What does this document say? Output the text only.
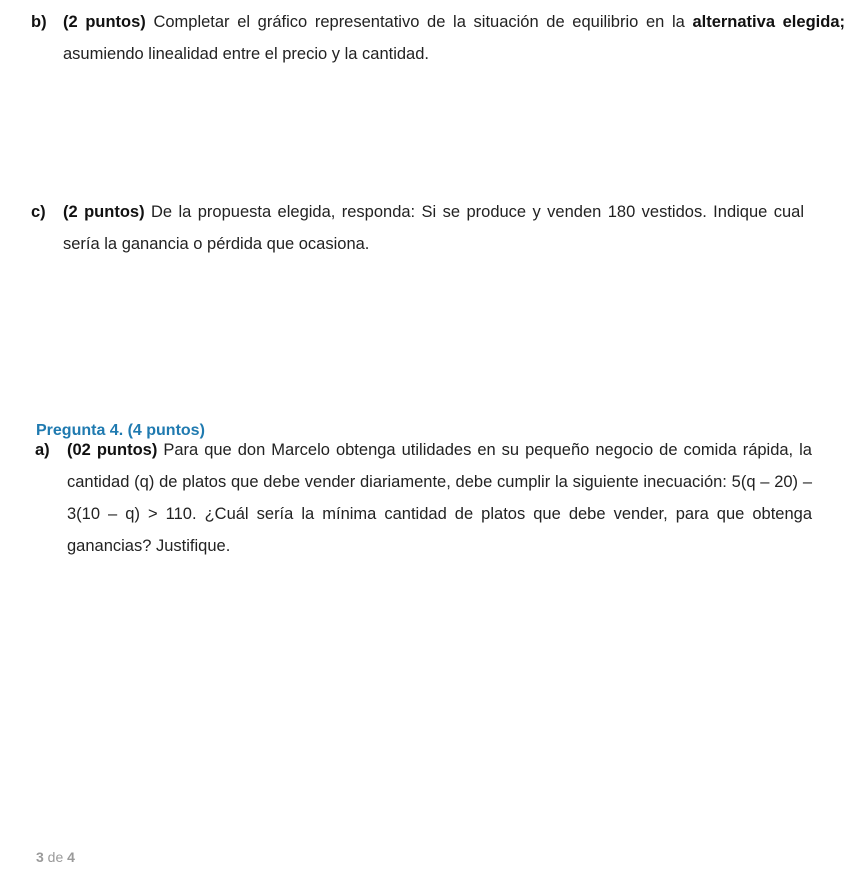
b) (2 puntos) Completar el gráfico representativo de la situación de equilibrio en la alternativa elegida; asumiendo linealidad entre el precio y la cantidad.
c) (2 puntos) De la propuesta elegida, responda: Si se produce y venden 180 vestidos. Indique cual sería la ganancia o pérdida que ocasiona.
Pregunta 4. (4 puntos)
a) (02 puntos) Para que don Marcelo obtenga utilidades en su pequeño negocio de comida rápida, la cantidad (q) de platos que debe vender diariamente, debe cumplir la siguiente inecuación: 5(q – 20) – 3(10 – q) > 110. ¿Cuál sería la mínima cantidad de platos que debe vender, para que obtenga ganancias? Justifique.
3 de 4
